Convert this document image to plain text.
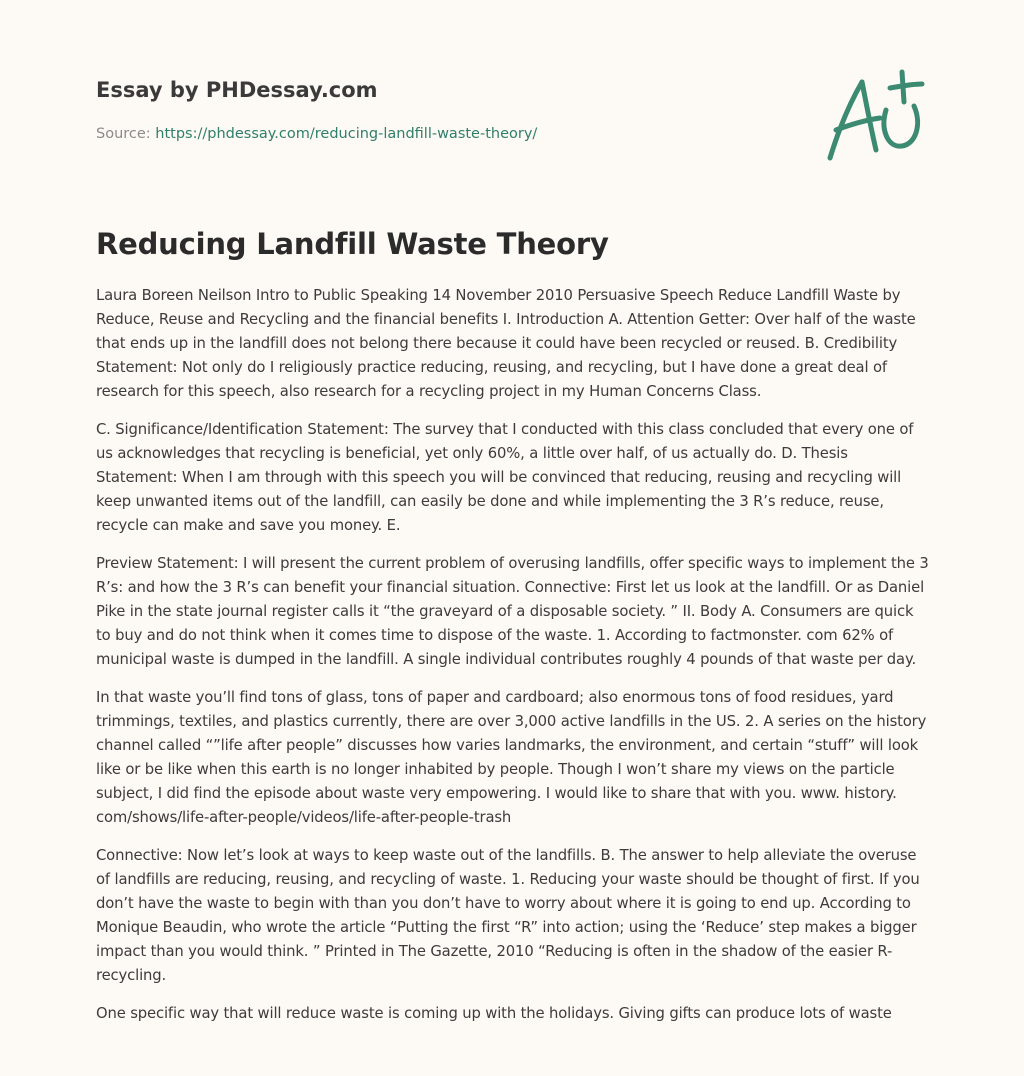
Essay by PHDessay.com
Source: https://phdessay.com/reducing-landfill-waste-theory/
Reducing Landfill Waste Theory

Laura Boreen Neilson Intro to Public Speaking 14 November 2010 Persuasive Speech Reduce Landfill Waste by Reduce, Reuse and Recycling and the financial benefits I. Introduction A. Attention Getter: Over half of the waste that ends up in the landfill does not belong there because it could have been recycled or reused. B. Credibility Statement: Not only do I religiously practice reducing, reusing, and recycling, but I have done a great deal of research for this speech, also research for a recycling project in my Human Concerns Class.

C. Significance/Identification Statement: The survey that I conducted with this class concluded that every one of us acknowledges that recycling is beneficial, yet only 60%, a little over half, of us actually do. D. Thesis Statement: When I am through with this speech you will be convinced that reducing, reusing and recycling will keep unwanted items out of the landfill, can easily be done and while implementing the 3 R’s reduce, reuse, recycle can make and save you money. E.

Preview Statement: I will present the current problem of overusing landfills, offer specific ways to implement the 3 R’s: and how the 3 R’s can benefit your financial situation. Connective: First let us look at the landfill. Or as Daniel Pike in the state journal register calls it “the graveyard of a disposable society. ” II. Body A. Consumers are quick to buy and do not think when it comes time to dispose of the waste. 1. According to factmonster. com 62% of municipal waste is dumped in the landfill. A single individual contributes roughly 4 pounds of that waste per day.

In that waste you’ll find tons of glass, tons of paper and cardboard; also enormous tons of food residues, yard trimmings, textiles, and plastics currently, there are over 3,000 active landfills in the US. 2. A series on the history channel called “”life after people” discusses how varies landmarks, the environment, and certain “stuff” will look like or be like when this earth is no longer inhabited by people. Though I won’t share my views on the particle subject, I did find the episode about waste very empowering. I would like to share that with you. www. history. com/shows/life-after-people/videos/life-after-people-trash

Connective: Now let’s look at ways to keep waste out of the landfills. B. The answer to help alleviate the overuse of landfills are reducing, reusing, and recycling of waste. 1. Reducing your waste should be thought of first. If you don’t have the waste to begin with than you don’t have to worry about where it is going to end up. According to Monique Beaudin, who wrote the article “Putting the first “R” into action; using the ‘Reduce’ step makes a bigger impact than you would think. ” Printed in The Gazette, 2010 “Reducing is often in the shadow of the easier R-recycling.

One specific way that will reduce waste is coming up with the holidays. Giving gifts can produce lots of waste
